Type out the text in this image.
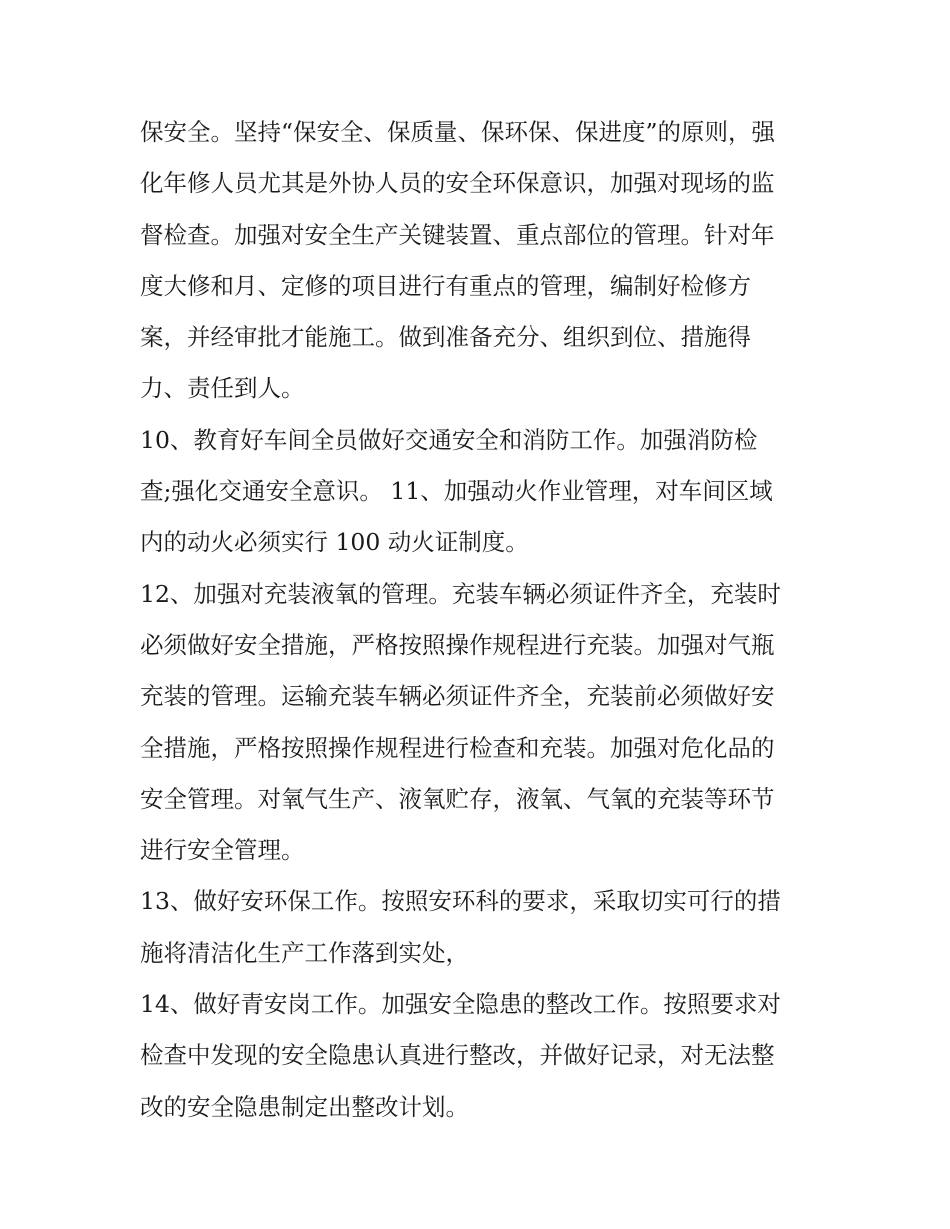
保安全。坚持“保安全、保质量、保环保、保进度”的原则，强
化年修人员尤其是外协人员的安全环保意识，加强对现场的监
督检查。加强对安全生产关键装置、重点部位的管理。针对年
度大修和月、定修的项目进行有重点的管理，编制好检修方
案，并经审批才能施工。做到准备充分、组织到位、措施得
力、责任到人。
10、教育好车间全员做好交通安全和消防工作。加强消防检
查;强化交通安全意识。 11、加强动火作业管理，对车间区域
内的动火必须实行 100 动火证制度。
12、加强对充装液氧的管理。充装车辆必须证件齐全，充装时
必须做好安全措施，严格按照操作规程进行充装。加强对气瓶
充装的管理。运输充装车辆必须证件齐全，充装前必须做好安
全措施，严格按照操作规程进行检查和充装。加强对危化品的
安全管理。对氧气生产、液氧贮存，液氧、气氧的充装等环节
进行安全管理。
13、做好安环保工作。按照安环科的要求，采取切实可行的措
施将清洁化生产工作落到实处，
14、做好青安岗工作。加强安全隐患的整改工作。按照要求对
检查中发现的安全隐患认真进行整改，并做好记录，对无法整
改的安全隐患制定出整改计划。
